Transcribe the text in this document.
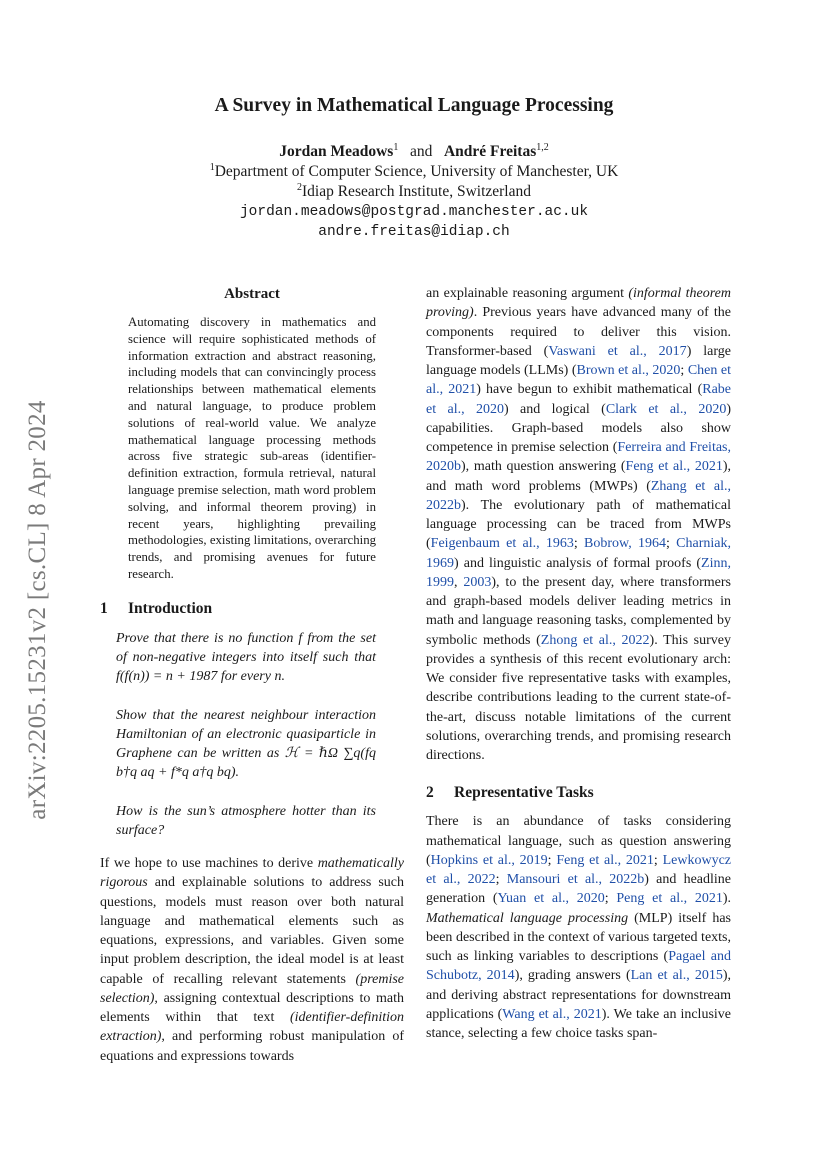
arXiv:2205.15231v2 [cs.CL] 8 Apr 2024
A Survey in Mathematical Language Processing
Jordan Meadows$^1$ and André Freitas$^{1,2}$
$^1$Department of Computer Science, University of Manchester, UK
$^2$Idiap Research Institute, Switzerland
jordan.meadows@postgrad.manchester.ac.uk
andre.freitas@idiap.ch
Abstract
Automating discovery in mathematics and science will require sophisticated methods of information extraction and abstract reasoning, including models that can convincingly process relationships between mathematical elements and natural language, to produce problem solutions of real-world value. We analyze mathematical language processing methods across five strategic sub-areas (identifier-definition extraction, formula retrieval, natural language premise selection, math word problem solving, and informal theorem proving) in recent years, highlighting prevailing methodologies, existing limitations, overarching trends, and promising avenues for future research.
1 Introduction
Prove that there is no function f from the set of non-negative integers into itself such that f(f(n)) = n + 1987 for every n.
Show that the nearest neighbour interaction Hamiltonian of an electronic quasiparticle in Graphene can be written as ℋ = ℏΩ ∑q(fq b†q aq + f*q a†q bq).
How is the sun’s atmosphere hotter than its surface?

If we hope to use machines to derive mathematically rigorous and explainable solutions to address such questions, models must reason over both natural language and mathematical elements such as equations, expressions, and variables. Given some input problem description, the ideal model is at least capable of recalling relevant statements (premise selection), assigning contextual descriptions to math elements within that text (identifier-definition extraction), and performing robust manipulation of equations and expressions towards

an explainable reasoning argument (informal theorem proving). Previous years have advanced many of the components required to deliver this vision. Transformer-based (Vaswani et al., 2017) large language models (LLMs) (Brown et al., 2020; Chen et al., 2021) have begun to exhibit mathematical (Rabe et al., 2020) and logical (Clark et al., 2020) capabilities. Graph-based models also show competence in premise selection (Ferreira and Freitas, 2020b), math question answering (Feng et al., 2021), and math word problems (MWPs) (Zhang et al., 2022b). The evolutionary path of mathematical language processing can be traced from MWPs (Feigenbaum et al., 1963; Bobrow, 1964; Charniak, 1969) and linguistic analysis of formal proofs (Zinn, 1999, 2003), to the present day, where transformers and graph-based models deliver leading metrics in math and language reasoning tasks, complemented by symbolic methods (Zhong et al., 2022). This survey provides a synthesis of this recent evolutionary arch: We consider five representative tasks with examples, describe contributions leading to the current state-of-the-art, discuss notable limitations of the current solutions, overarching trends, and promising research directions.

2 Representative Tasks

There is an abundance of tasks considering mathematical language, such as question answering (Hopkins et al., 2019; Feng et al., 2021; Lewkowycz et al., 2022; Mansouri et al., 2022b) and headline generation (Yuan et al., 2020; Peng et al., 2021). Mathematical language processing (MLP) itself has been described in the context of various targeted texts, such as linking variables to descriptions (Pagael and Schubotz, 2014), grading answers (Lan et al., 2015), and deriving abstract representations for downstream applications (Wang et al., 2021). We take an inclusive stance, selecting a few choice tasks span-
